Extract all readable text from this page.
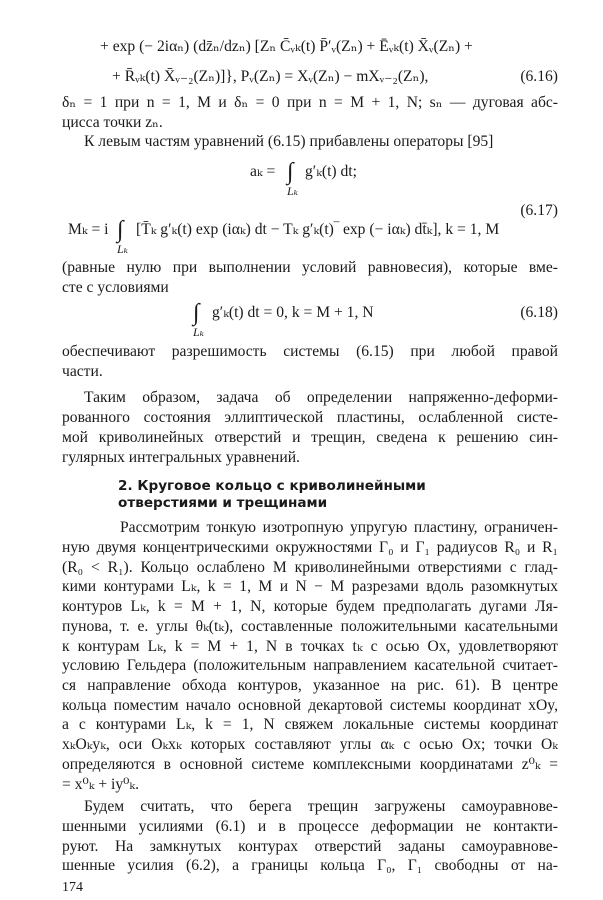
+ exp (− 2iαₙ) (dz̄ₙ/dzₙ) [Zₙ C̄ᵥₖ(t) P̄′ᵥ(Zₙ) + Ēᵥₖ(t) X̄ᵥ(Zₙ) +
+ R̄ᵥₖ(t) X̄ᵥ₋₂(Zₙ)]}, Pᵥ(Zₙ) = Xᵥ(Zₙ) − mXᵥ₋₂(Zₙ),	(6.16)
δₙ = 1 при n = 1, M и δₙ = 0 при n = M + 1, N; sₙ — дуговая абс-
цисса точки zₙ.
К левым частям уравнений (6.15) прибавлены операторы [95]
aₖ = ∫
Lₖ
g′ₖ(t) dt;
(6.17)
Mₖ = i ∫
Lₖ
[T̄ₖ g′ₖ(t) exp (iαₖ) dt − Tₖ g′ₖ(t)‾ exp (− iαₖ) dt̄ₖ], k = 1, M
(равные нулю при выполнении условий равновесия), которые вме-
сте с условиями
∫
Lₖ
g′ₖ(t) dt = 0, k = M + 1, N	(6.18)
обеспечивают разрешимость системы (6.15) при любой правой
части.
Таким образом, задача об определении напряженно-деформи-
рованного состояния эллиптической пластины, ослабленной систе-
мой криволинейных отверстий и трещин, сведена к решению син-
гулярных интегральных уравнений.
2. Круговое кольцо с криволинейными
отверстиями и трещинами
Рассмотрим тонкую изотропную упругую пластину, ограничен-
ную двумя концентрическими окружностями Γ₀ и Γ₁ радиусов R₀ и R₁
(R₀ < R₁). Кольцо ослаблено M криволинейными отверстиями с глад-
кими контурами Lₖ, k = 1, M и N − M разрезами вдоль разомкнутых
контуров Lₖ, k = M + 1, N, которые будем предполагать дугами Ля-
пунова, т. е. углы θₖ(tₖ), составленные положительными касательными
к контурам Lₖ, k = M + 1, N в точках tₖ с осью Ox, удовлетворяют
условию Гельдера (положительным направлением касательной считает-
ся направление обхода контуров, указанное на рис. 61). В центре
кольца поместим начало основной декартовой системы координат xOy,
а с контурами Lₖ, k = 1, N свяжем локальные системы координат
xₖOₖyₖ, оси Oₖxₖ которых составляют углы αₖ с осью Ox; точки Oₖ
определяются в основной системе комплексными координатами z⁰ₖ =
= x⁰ₖ + iy⁰ₖ.
Будем считать, что берега трещин загружены самоуравнове-
шенными усилиями (6.1) и в процессе деформации не контакти-
руют. На замкнутых контурах отверстий заданы самоуравнове-
шенные усилия (6.2), а границы кольца Γ₀, Γ₁ свободны от на-
174
